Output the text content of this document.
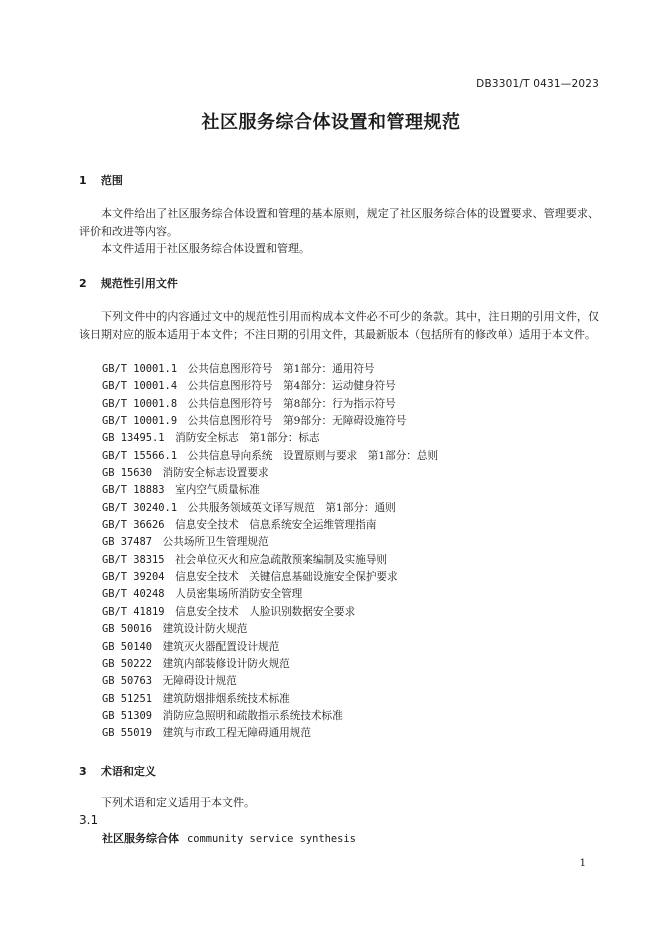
DB3301/T 0431—2023
社区服务综合体设置和管理规范
1 范围
本文件给出了社区服务综合体设置和管理的基本原则，规定了社区服务综合体的设置要求、管理要求、评价和改进等内容。
本文件适用于社区服务综合体设置和管理。
2 规范性引用文件
下列文件中的内容通过文中的规范性引用而构成本文件必不可少的条款。其中，注日期的引用文件，仅该日期对应的版本适用于本文件；不注日期的引用文件，其最新版本（包括所有的修改单）适用于本文件。
GB/T 10001.1　 公共信息图形符号　第1部分：通用符号
GB/T 10001.4　 公共信息图形符号　第4部分：运动健身符号
GB/T 10001.8　 公共信息图形符号　第8部分：行为指示符号
GB/T 10001.9　 公共信息图形符号　第9部分：无障碍设施符号
GB 13495.1　 消防安全标志　第1部分：标志
GB/T 15566.1　 公共信息导向系统　设置原则与要求　第1部分：总则
GB 15630　 消防安全标志设置要求
GB/T 18883　 室内空气质量标准
GB/T 30240.1　 公共服务领域英文译写规范　第1部分：通则
GB/T 36626　 信息安全技术　信息系统安全运维管理指南
GB 37487　 公共场所卫生管理规范
GB/T 38315　 社会单位灭火和应急疏散预案编制及实施导则
GB/T 39204　 信息安全技术　关键信息基础设施安全保护要求
GB/T 40248　 人员密集场所消防安全管理
GB/T 41819　 信息安全技术　人脸识别数据安全要求
GB 50016　 建筑设计防火规范
GB 50140　 建筑灭火器配置设计规范
GB 50222　 建筑内部装修设计防火规范
GB 50763　 无障碍设计规范
GB 51251　 建筑防烟排烟系统技术标准
GB 51309　 消防应急照明和疏散指示系统技术标准
GB 55019　 建筑与市政工程无障碍通用规范
3 术语和定义
下列术语和定义适用于本文件。
3.1
社区服务综合体 community service synthesis
1
